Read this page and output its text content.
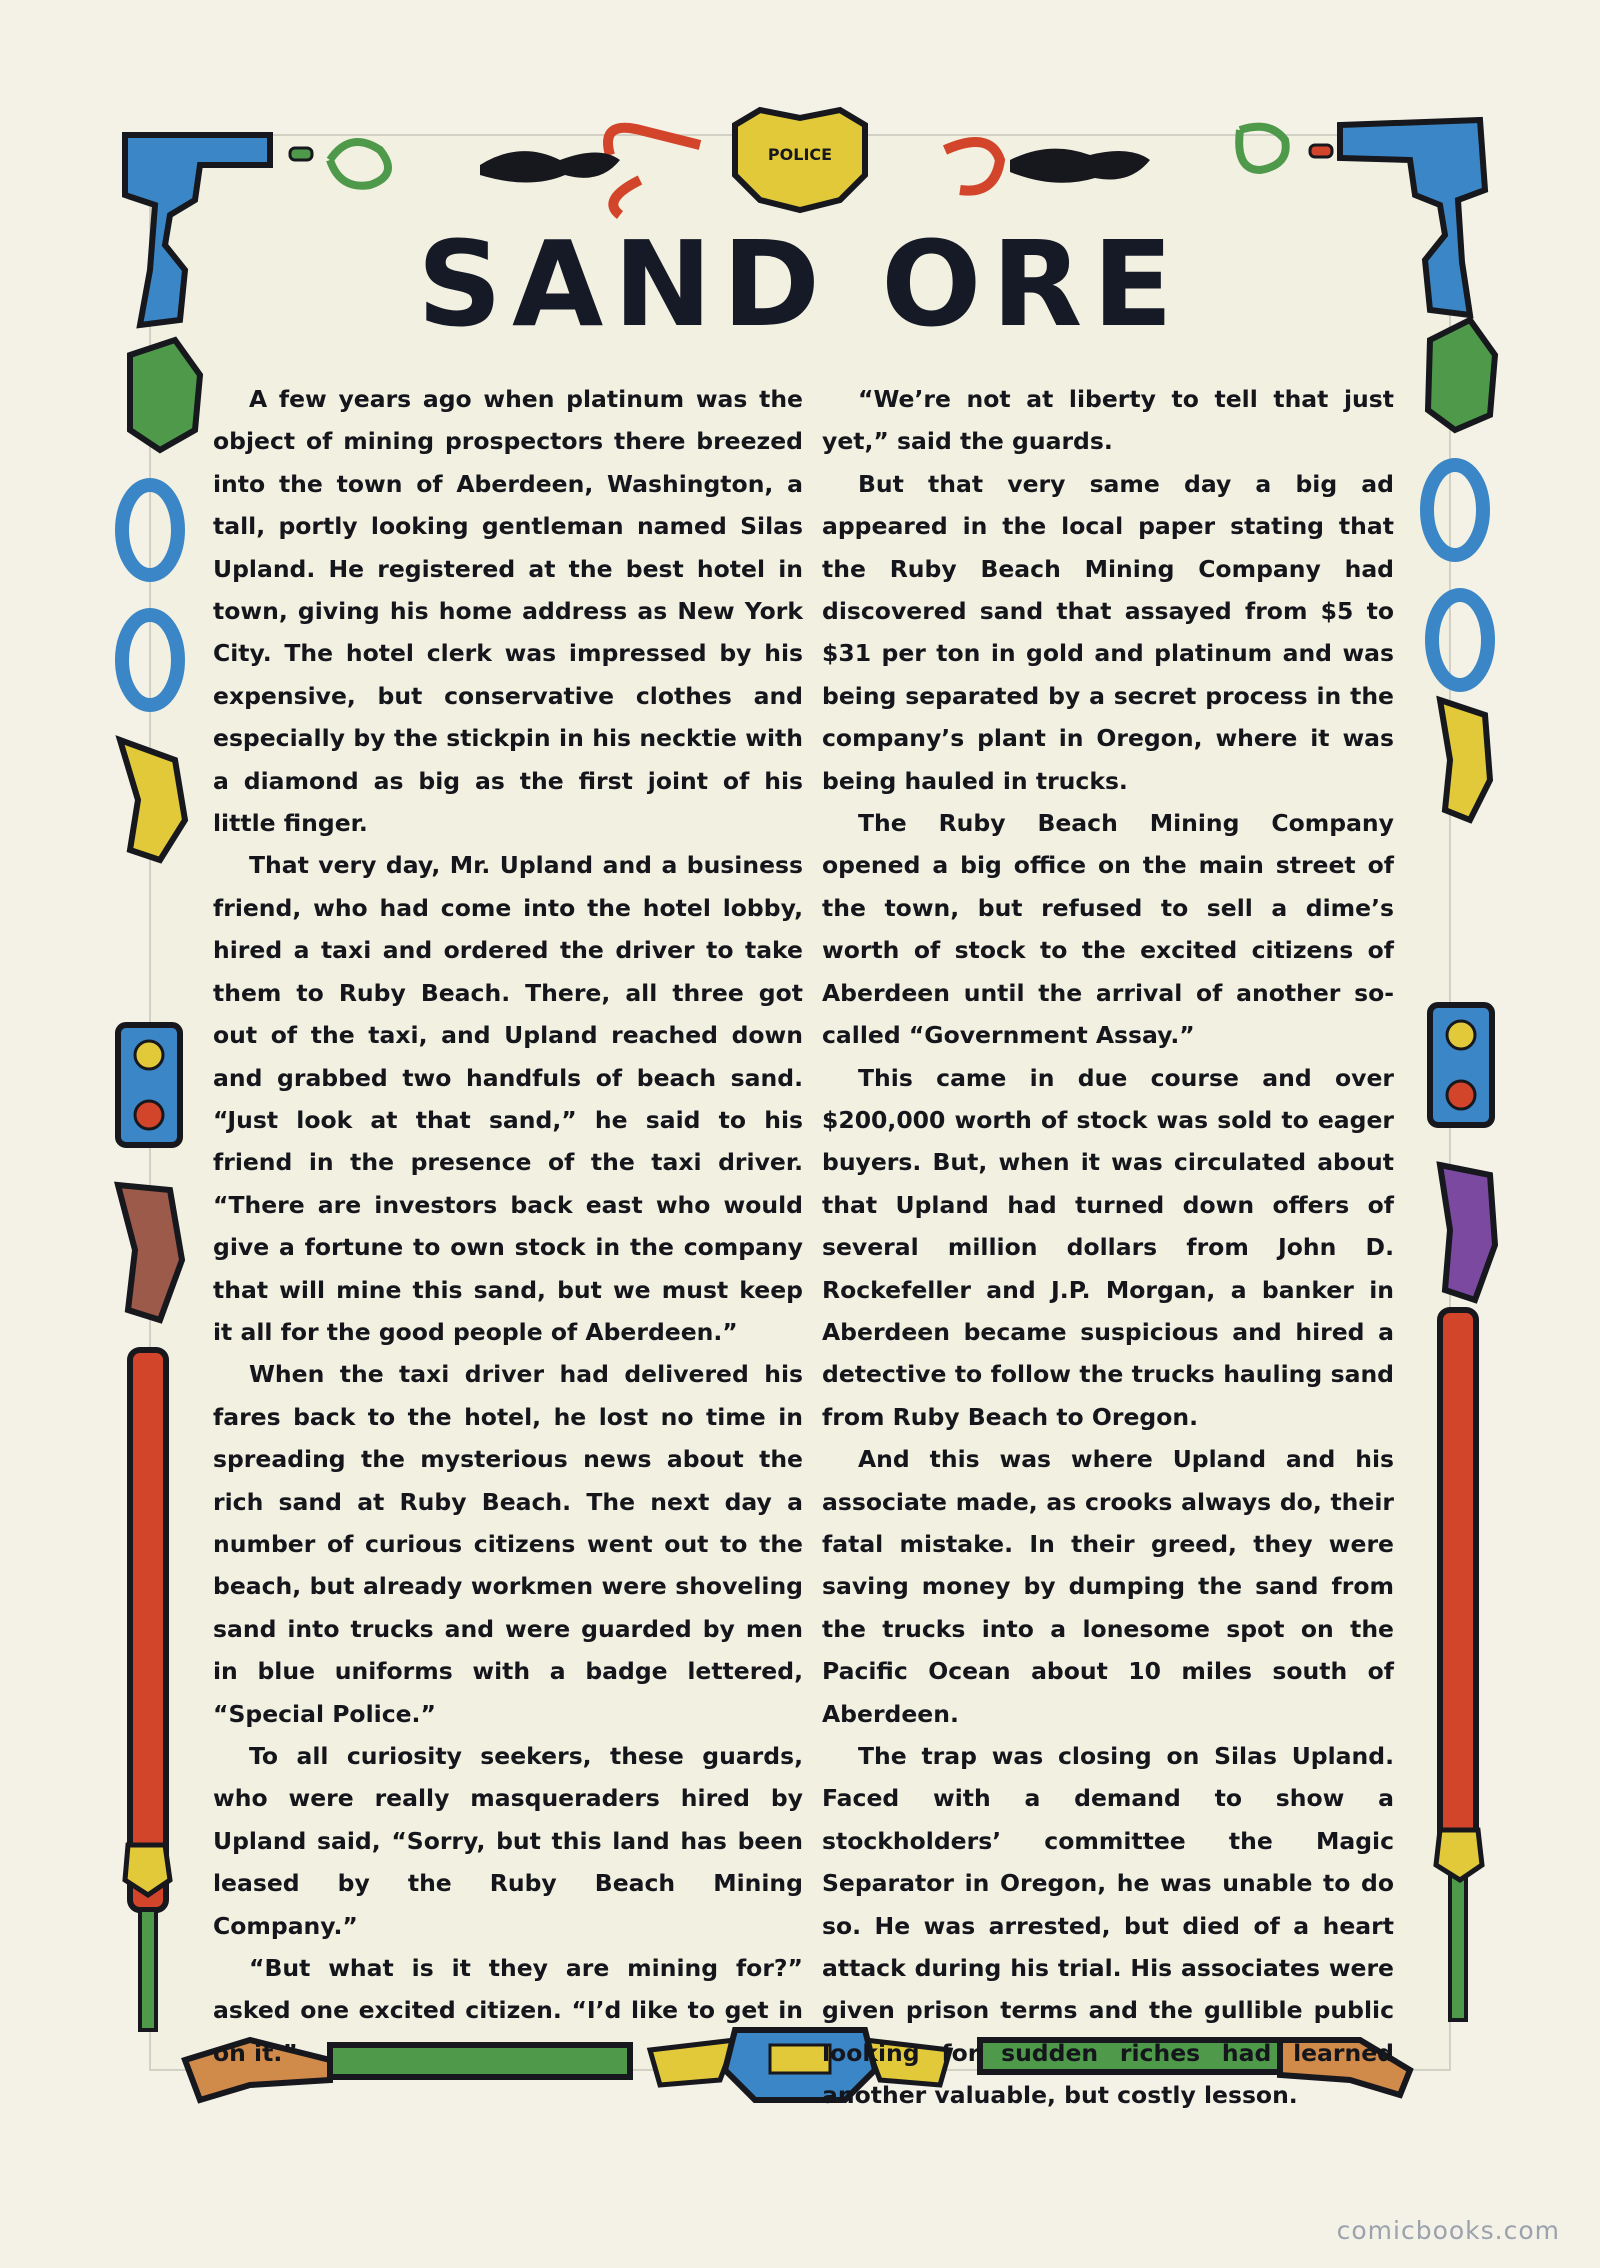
POLICE
SAND ORE

A few years ago when platinum was the object of mining prospectors there breezed into the town of Aberdeen, Washington, a tall, portly looking gentleman named Silas Upland. He registered at the best hotel in town, giving his home address as New York City. The hotel clerk was impressed by his expensive, but conservative clothes and especially by the stickpin in his necktie with a diamond as big as the first joint of his little finger.

That very day, Mr. Upland and a business friend, who had come into the hotel lobby, hired a taxi and ordered the driver to take them to Ruby Beach. There, all three got out of the taxi, and Upland reached down and grabbed two handfuls of beach sand. “Just look at that sand,” he said to his friend in the presence of the taxi driver. “There are investors back east who would give a fortune to own stock in the company that will mine this sand, but we must keep it all for the good people of Aberdeen.”

When the taxi driver had delivered his fares back to the hotel, he lost no time in spreading the mysterious news about the rich sand at Ruby Beach. The next day a number of curious citizens went out to the beach, but already workmen were shoveling sand into trucks and were guarded by men in blue uniforms with a badge lettered, “Special Police.”

To all curiosity seekers, these guards, who were really masqueraders hired by Upland said, “Sorry, but this land has been leased by the Ruby Beach Mining Company.”

“But what is it they are mining for?” asked one excited citizen. “I’d like to get in on it.”

“We’re not at liberty to tell that just yet,” said the guards.

But that very same day a big ad appeared in the local paper stating that the Ruby Beach Mining Company had discovered sand that assayed from $5 to $31 per ton in gold and platinum and was being separated by a secret process in the company’s plant in Oregon, where it was being hauled in trucks.

The Ruby Beach Mining Company opened a big office on the main street of the town, but refused to sell a dime’s worth of stock to the excited citizens of Aberdeen until the arrival of another so-called “Government Assay.”

This came in due course and over $200,000 worth of stock was sold to eager buyers. But, when it was circulated about that Upland had turned down offers of several million dollars from John D. Rockefeller and J.P. Morgan, a banker in Aberdeen became suspicious and hired a detective to follow the trucks hauling sand from Ruby Beach to Oregon.

And this was where Upland and his associate made, as crooks always do, their fatal mistake. In their greed, they were saving money by dumping the sand from the trucks into a lonesome spot on the Pacific Ocean about 10 miles south of Aberdeen.

The trap was closing on Silas Upland. Faced with a demand to show a stockholders’ committee the Magic Separator in Oregon, he was unable to do so. He was arrested, but died of a heart attack during his trial. His associates were given prison terms and the gullible public looking for sudden riches had learned another valuable, but costly lesson.

comicbooks.com
